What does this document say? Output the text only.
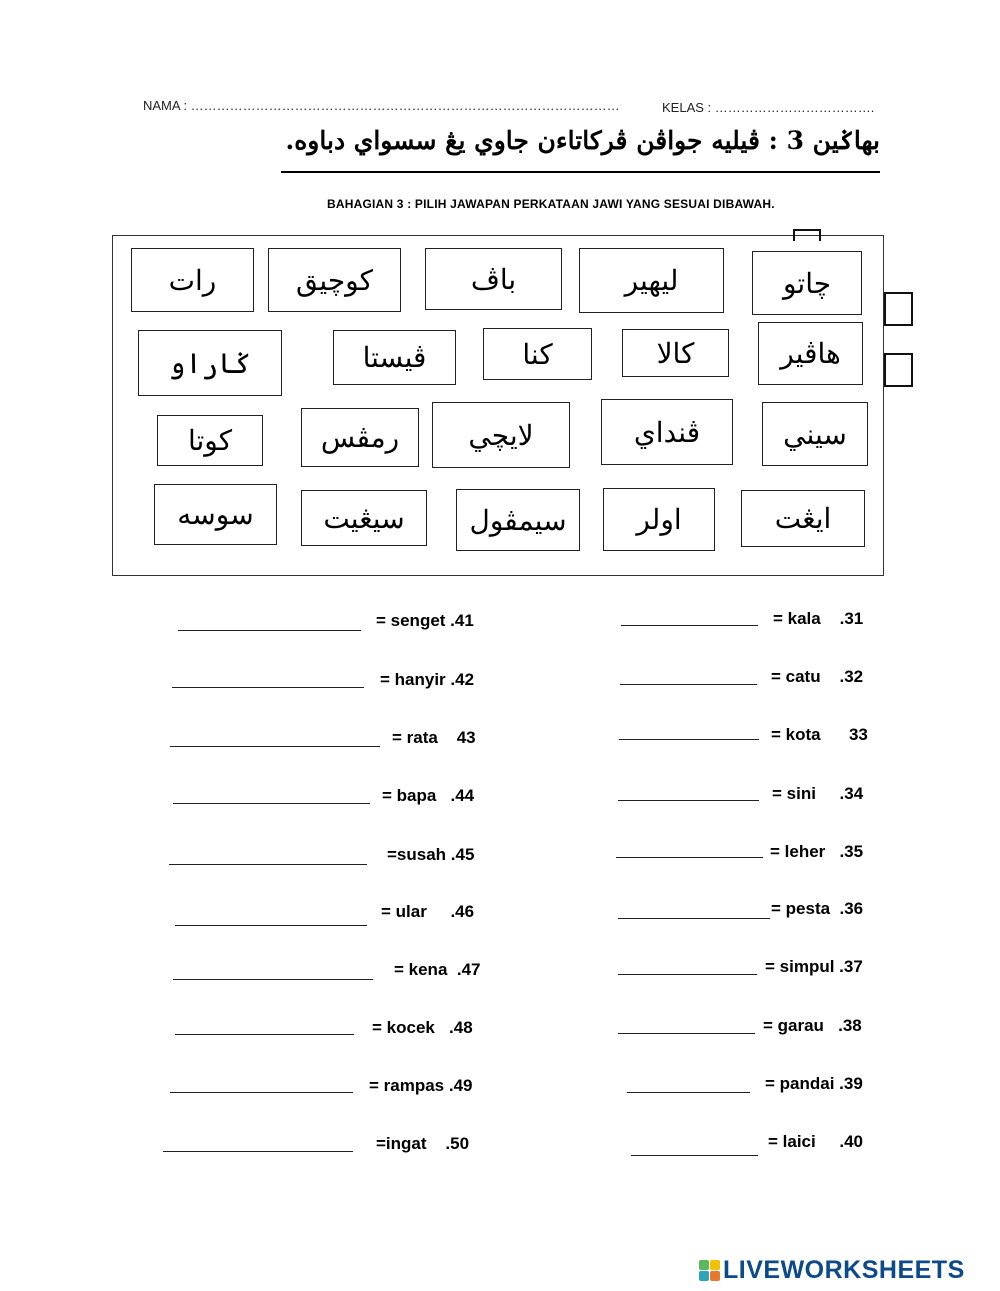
NAMA : ………………………………………………………………………………………	KELAS : ……………………………….
بهاݢين 3 : ڤيليه جواڤن ڤركاتاءن جاوي يڠ سسواي دباوه.
BAHAGIAN 3 : PILIH JAWAPAN PERKATAAN JAWI YANG SESUAI DIBAWAH.
رات	کوچيق	باڤ	ليهير	چاتو
ݢاراو	ڤيستا	کنا	کالا	هاڤير
کوتا	رمڤس	لايچي	ڤنداي	سيني
سوسه	سيڠيت	سيمڤول	اولر	ايڠت
= senget .41
= hanyir .42
= rata    43
= bapa   .44
=susah .45
= ular     .46
= kena  .47
= kocek   .48
= rampas .49
=ingat    .50
= kala    .31
= catu    .32
= kota      33
= sini     .34
= leher   .35
= pesta  .36
= simpul .37
= garau   .38
= pandai .39
= laici     .40
LIVEWORKSHEETS
